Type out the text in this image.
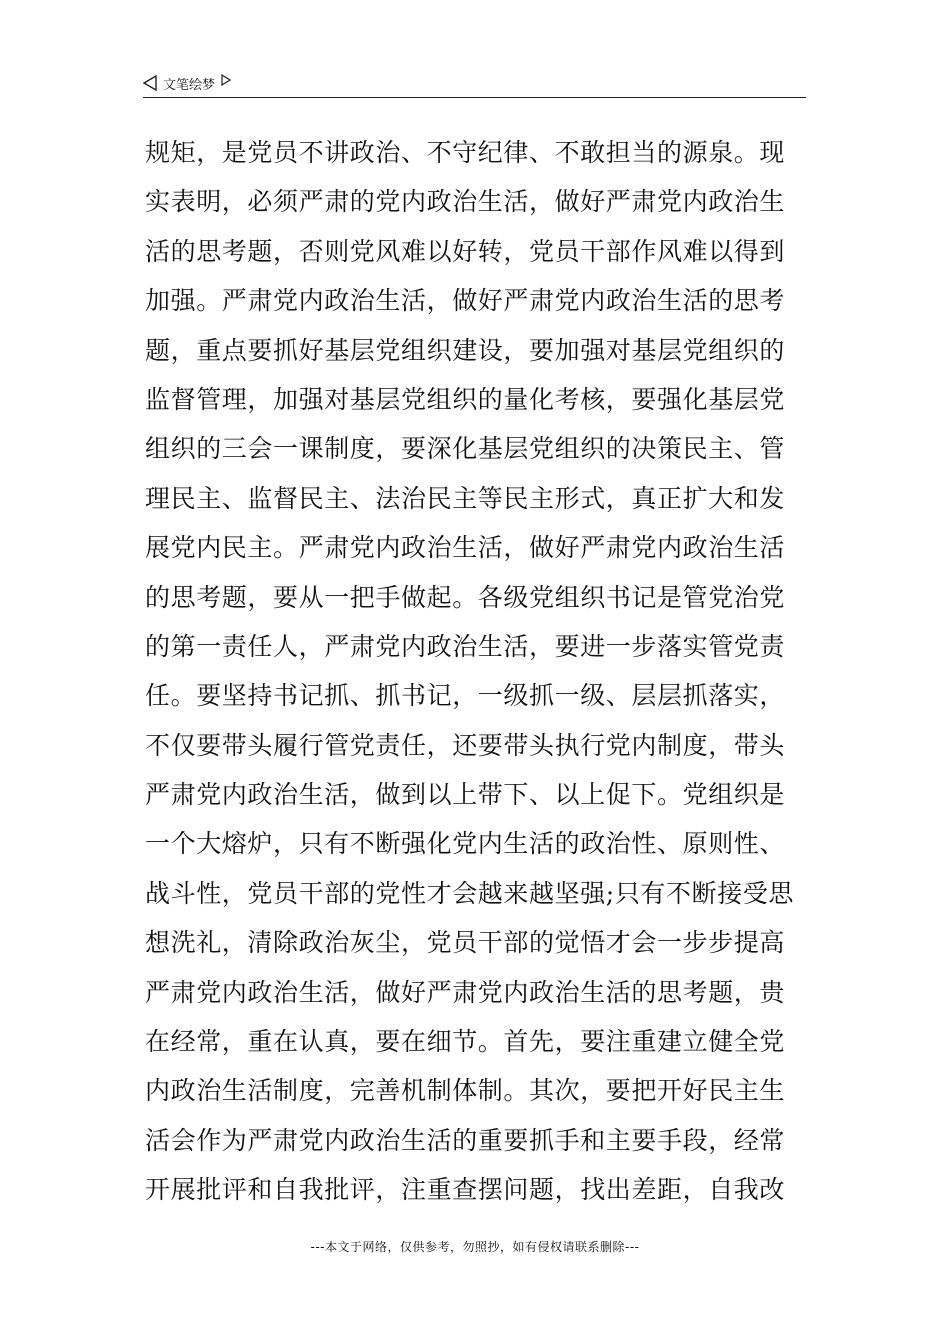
文笔绘梦
规矩，是党员不讲政治、不守纪律、不敢担当的源泉。现
实表明，必须严肃的党内政治生活，做好严肃党内政治生
活的思考题，否则党风难以好转，党员干部作风难以得到
加强。严肃党内政治生活，做好严肃党内政治生活的思考
题，重点要抓好基层党组织建设，要加强对基层党组织的
监督管理，加强对基层党组织的量化考核，要强化基层党
组织的三会一课制度，要深化基层党组织的决策民主、管
理民主、监督民主、法治民主等民主形式，真正扩大和发
展党内民主。严肃党内政治生活，做好严肃党内政治生活
的思考题，要从一把手做起。各级党组织书记是管党治党
的第一责任人，严肃党内政治生活，要进一步落实管党责
任。要坚持书记抓、抓书记，一级抓一级、层层抓落实，
不仅要带头履行管党责任，还要带头执行党内制度，带头
严肃党内政治生活，做到以上带下、以上促下。党组织是
一个大熔炉，只有不断强化党内生活的政治性、原则性、
战斗性，党员干部的党性才会越来越坚强;只有不断接受思
想洗礼，清除政治灰尘，党员干部的觉悟才会一步步提高
严肃党内政治生活，做好严肃党内政治生活的思考题，贵
在经常，重在认真，要在细节。首先，要注重建立健全党
内政治生活制度，完善机制体制。其次，要把开好民主生
活会作为严肃党内政治生活的重要抓手和主要手段，经常
开展批评和自我批评，注重查摆问题，找出差距，自我改
---本文于网络，仅供参考，勿照抄，如有侵权请联系删除---
